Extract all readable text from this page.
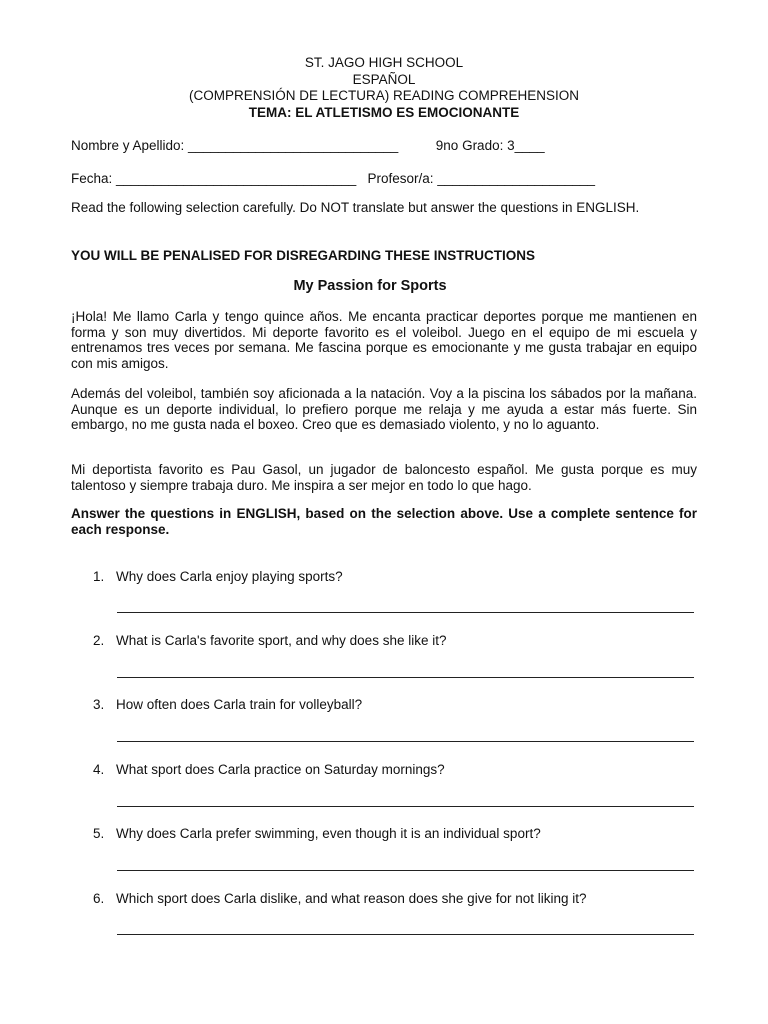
ST. JAGO HIGH SCHOOL
ESPAÑOL
(COMPRENSIÓN DE LECTURA) READING COMPREHENSION
TEMA: EL ATLETISMO ES EMOCIONANTE
Nombre y Apellido: ____________________________          9no Grado: 3____
Fecha: ________________________________   Profesor/a: _____________________
Read the following selection carefully. Do NOT translate but answer the questions in ENGLISH.
YOU WILL BE PENALISED FOR DISREGARDING THESE INSTRUCTIONS
My Passion for Sports
¡Hola! Me llamo Carla y tengo quince años. Me encanta practicar deportes porque me mantienen en forma y son muy divertidos. Mi deporte favorito es el voleibol. Juego en el equipo de mi escuela y entrenamos tres veces por semana. Me fascina porque es emocionante y me gusta trabajar en equipo con mis amigos.
Además del voleibol, también soy aficionada a la natación. Voy a la piscina los sábados por la mañana. Aunque es un deporte individual, lo prefiero porque me relaja y me ayuda a estar más fuerte. Sin embargo, no me gusta nada el boxeo. Creo que es demasiado violento, y no lo aguanto.
Mi deportista favorito es Pau Gasol, un jugador de baloncesto español. Me gusta porque es muy talentoso y siempre trabaja duro. Me inspira a ser mejor en todo lo que hago.
Answer the questions in ENGLISH, based on the selection above. Use a complete sentence for each response.
1. Why does Carla enjoy playing sports?
2. What is Carla's favorite sport, and why does she like it?
3. How often does Carla train for volleyball?
4. What sport does Carla practice on Saturday mornings?
5. Why does Carla prefer swimming, even though it is an individual sport?
6. Which sport does Carla dislike, and what reason does she give for not liking it?
